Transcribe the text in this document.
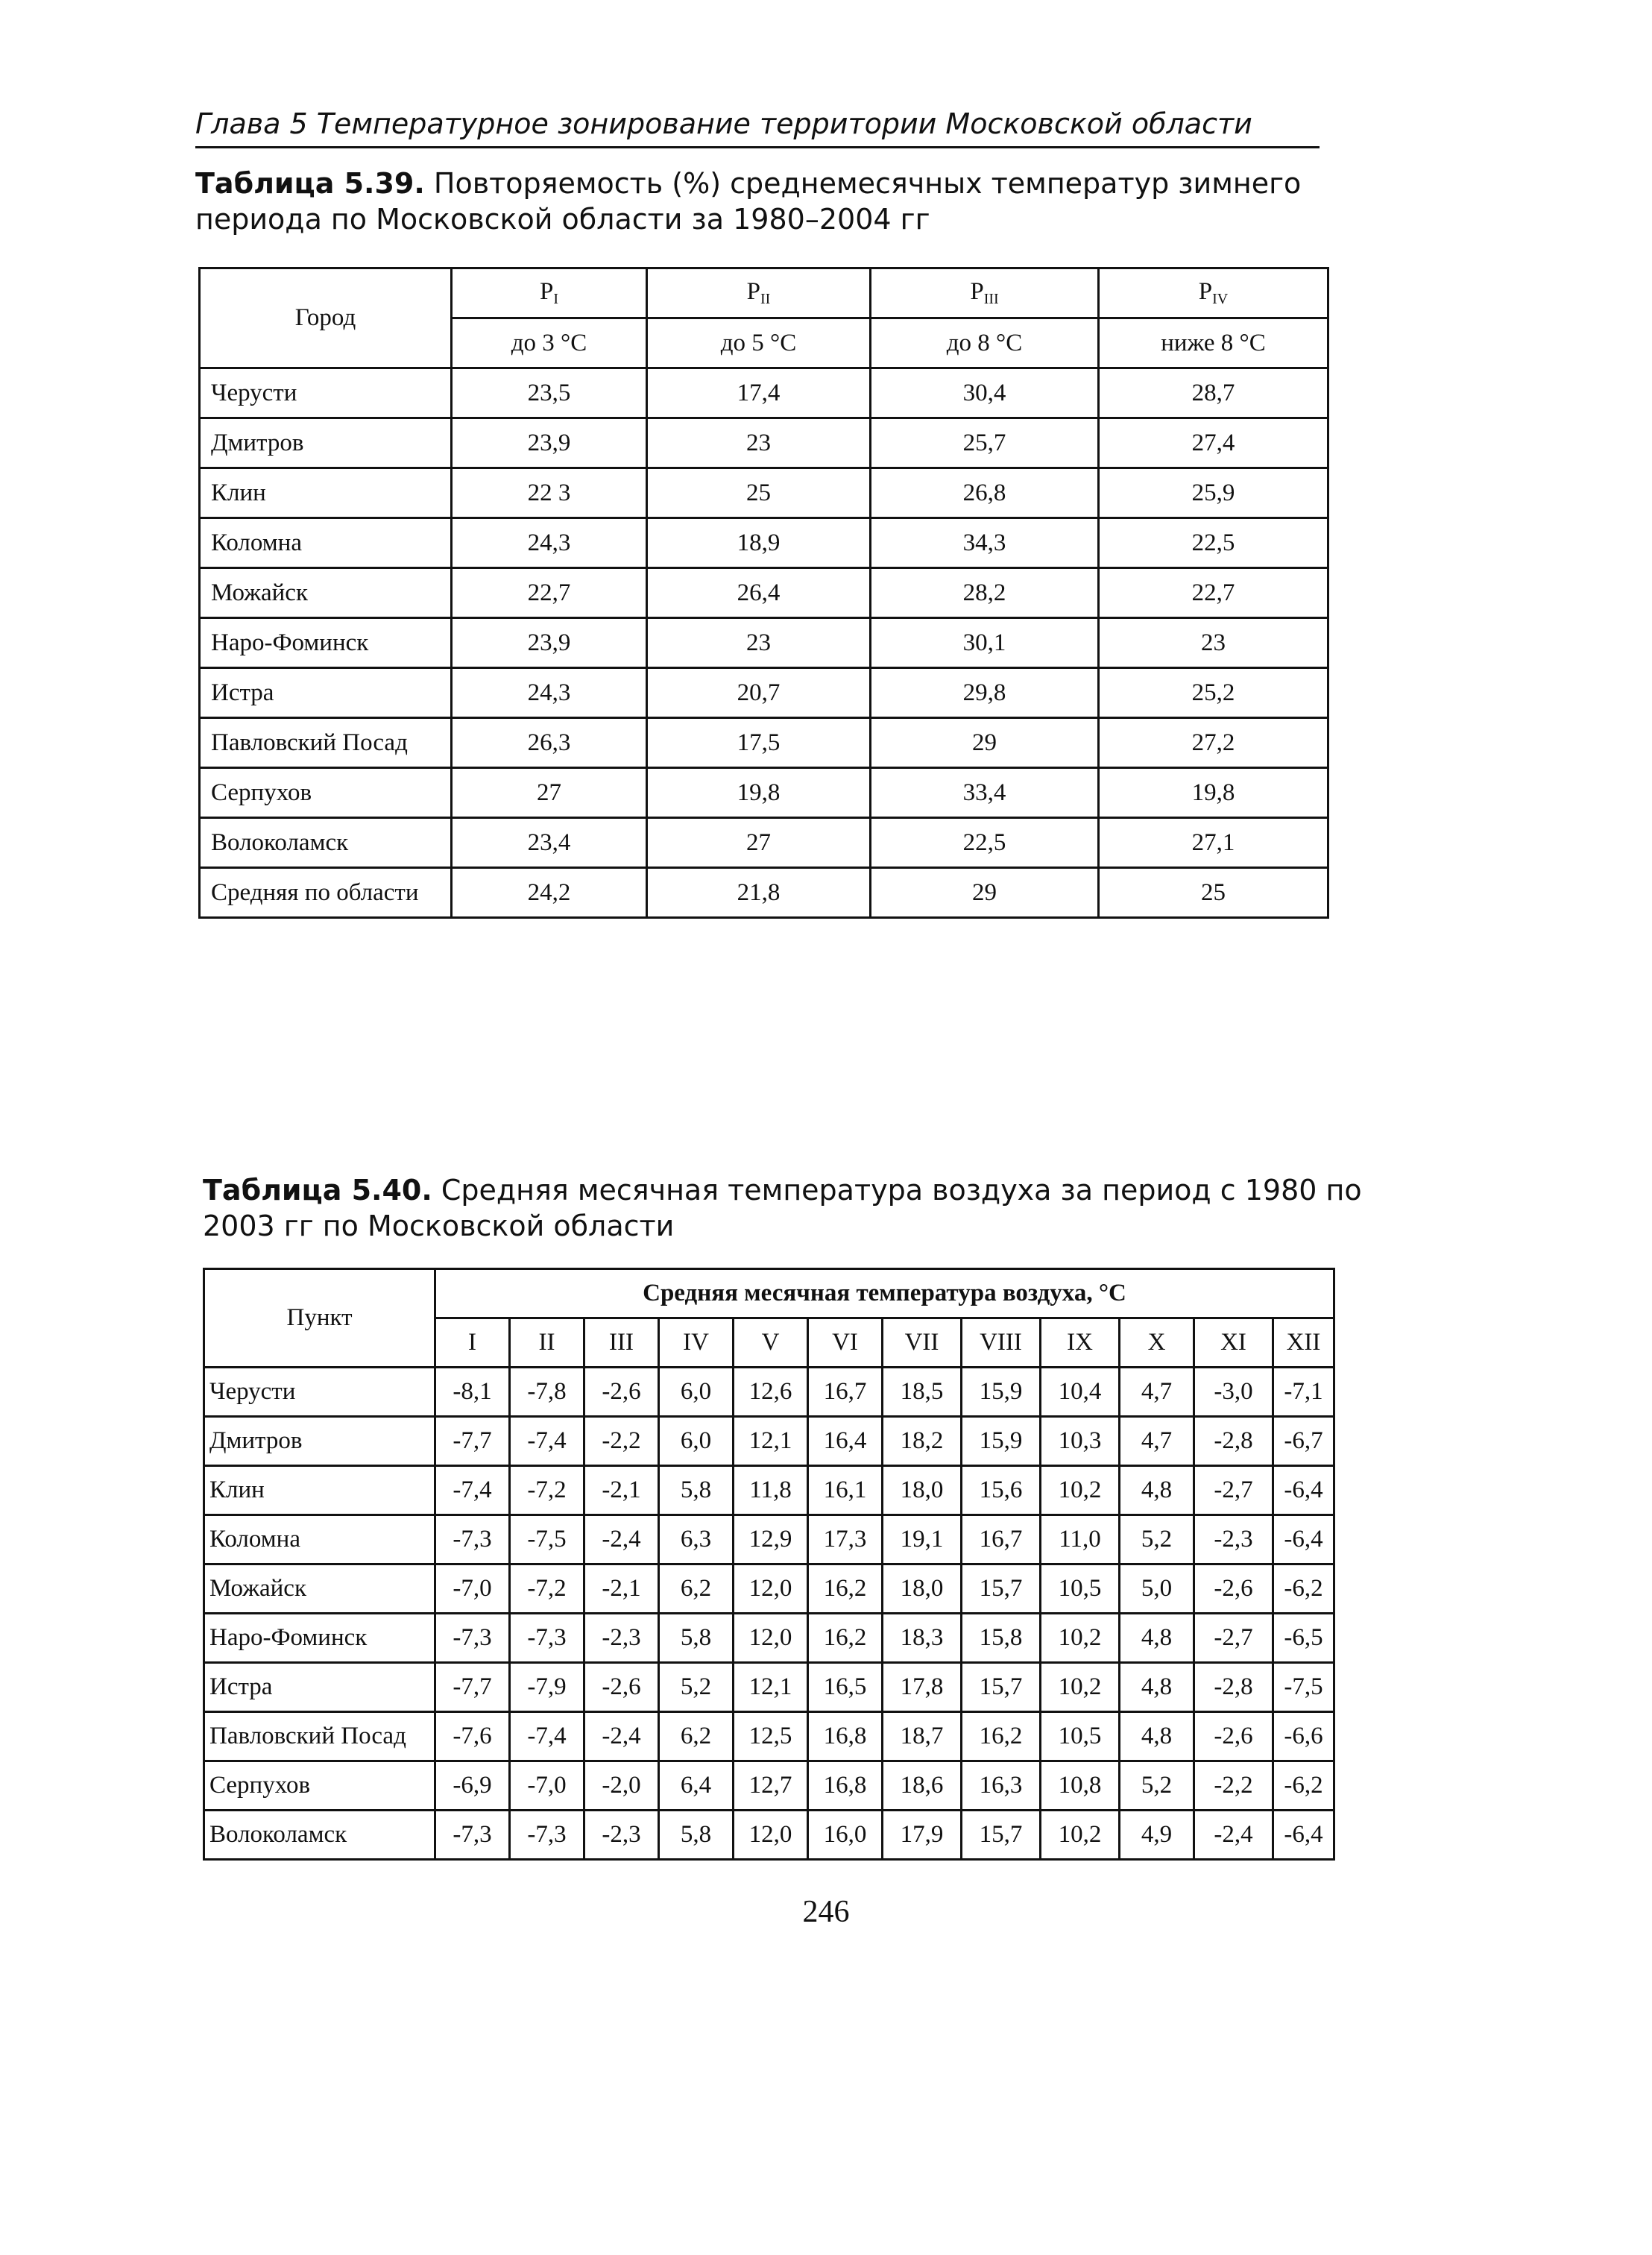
Глава 5 Температурное зонирование территории Московской области
Таблица 5.39. Повторяемость (%) среднемесячных температур зимнего периода по Московской области за 1980–2004 гг
Город	$P_I$	$P_{II}$	$P_{III}$	$P_{IV}$
	до 3 °С	до 5 °С	до 8 °С	ниже 8 °С
Черусти	23,5	17,4	30,4	28,7
Дмитров	23,9	23	25,7	27,4
Клин	22 3	25	26,8	25,9
Коломна	24,3	18,9	34,3	22,5
Можайск	22,7	26,4	28,2	22,7
Наро-Фоминск	23,9	23	30,1	23
Истра	24,3	20,7	29,8	25,2
Павловский Посад	26,3	17,5	29	27,2
Серпухов	27	19,8	33,4	19,8
Волоколамск	23,4	27	22,5	27,1
Средняя по области	24,2	21,8	29	25
Таблица 5.40. Средняя месячная температура воздуха за период с 1980 по 2003 гг по Московской области
Пункт	Средняя месячная температура воздуха, °С											
	I	II	III	IV	V	VI	VII	VIII	IX	X	XI	XII
Черусти	-8,1	-7,8	-2,6	6,0	12,6	16,7	18,5	15,9	10,4	4,7	-3,0	-7,1
Дмитров	-7,7	-7,4	-2,2	6,0	12,1	16,4	18,2	15,9	10,3	4,7	-2,8	-6,7
Клин	-7,4	-7,2	-2,1	5,8	11,8	16,1	18,0	15,6	10,2	4,8	-2,7	-6,4
Коломна	-7,3	-7,5	-2,4	6,3	12,9	17,3	19,1	16,7	11,0	5,2	-2,3	-6,4
Можайск	-7,0	-7,2	-2,1	6,2	12,0	16,2	18,0	15,7	10,5	5,0	-2,6	-6,2
Наро-Фоминск	-7,3	-7,3	-2,3	5,8	12,0	16,2	18,3	15,8	10,2	4,8	-2,7	-6,5
Истра	-7,7	-7,9	-2,6	5,2	12,1	16,5	17,8	15,7	10,2	4,8	-2,8	-7,5
Павловский Посад	-7,6	-7,4	-2,4	6,2	12,5	16,8	18,7	16,2	10,5	4,8	-2,6	-6,6
Серпухов	-6,9	-7,0	-2,0	6,4	12,7	16,8	18,6	16,3	10,8	5,2	-2,2	-6,2
Волоколамск	-7,3	-7,3	-2,3	5,8	12,0	16,0	17,9	15,7	10,2	4,9	-2,4	-6,4
246
